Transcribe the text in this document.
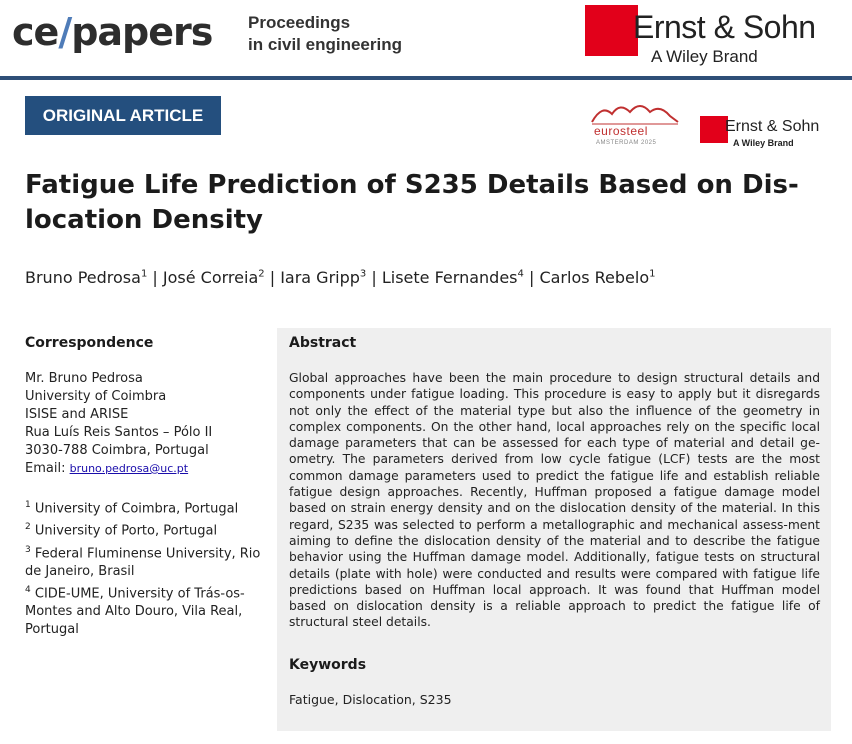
ce/papers Proceedings
in civil engineering	Ernst & Sohn
A Wiley Brand
ORIGINAL ARTICLE
eurosteel
AMSTERDAM 2025
Ernst & Sohn
A Wiley Brand
Fatigue Life Prediction of S235 Details Based on Dis-
location Density
Bruno Pedrosa$^1$ | José Correia$^2$ | Iara Gripp$^3$ | Lisete Fernandes$^4$ | Carlos Rebelo$^1$
Correspondence
Mr. Bruno Pedrosa
University of Coimbra
ISISE and ARISE
Rua Luís Reis Santos – Pólo II
3030-788 Coimbra, Portugal
Email: bruno.pedrosa@uc.pt
$^1$ University of Coimbra, Portugal
$^2$ University of Porto, Portugal
$^3$ Federal Fluminense University, Rio de Janeiro, Brasil
$^4$ CIDE-UME, University of Trás-os-Montes and Alto Douro, Vila Real, Portugal
Abstract
Global approaches have been the main procedure to design structural details and components under fatigue loading. This procedure is easy to apply but it disregards not only the effect of the material type but also the influence of the geometry in complex components. On the other hand, local approaches rely on the specific local damage parameters that can be assessed for each type of material and detail ge-ometry. The parameters derived from low cycle fatigue (LCF) tests are the most common damage parameters used to predict the fatigue life and establish reliable fatigue design approaches. Recently, Huffman proposed a fatigue damage model based on strain energy density and on the dislocation density of the material. In this regard, S235 was selected to perform a metallographic and mechanical assess-ment aiming to define the dislocation density of the material and to describe the fatigue behavior using the Huffman damage model. Additionally, fatigue tests on structural details (plate with hole) were conducted and results were compared with fatigue life predictions based on Huffman local approach. It was found that Huffman model based on dislocation density is a reliable approach to predict the fatigue life of structural steel details.
Keywords
Fatigue, Dislocation, S235
